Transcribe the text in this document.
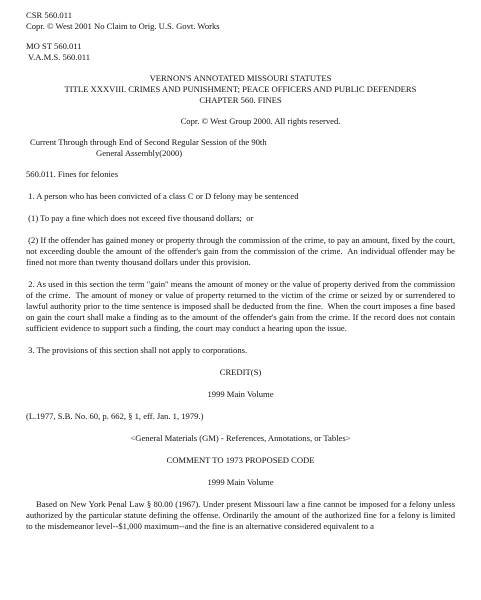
CSR 560.011

Copr. © West 2001 No Claim to Orig. U.S. Govt. Works

MO ST 560.011

V.A.M.S. 560.011

VERNON'S ANNOTATED MISSOURI STATUTES

TITLE XXXVIII. CRIMES AND PUNISHMENT; PEACE OFFICERS AND PUBLIC DEFENDERS

CHAPTER 560. FINES

Copr. © West Group 2000. All rights reserved.

Current Through through End of Second Regular Session of the 90th

General Assembly(2000)

560.011. Fines for felonies

1. A person who has been convicted of a class C or D felony may be sentenced

(1) To pay a fine which does not exceed five thousand dollars;  or

(2) If the offender has gained money or property through the commission of the crime, to pay an amount, fixed by the court, not exceeding double the amount of the offender's gain from the commission of the crime.  An individual offender may be fined not more than twenty thousand dollars under this provision.

2. As used in this section the term "gain" means the amount of money or the value of property derived from the commission of the crime.  The amount of money or value of property returned to the victim of the crime or seized by or surrendered to lawful authority prior to the time sentence is imposed shall be deducted from the fine.  When the court imposes a fine based on gain the court shall make a finding as to the amount of the offender's gain from the crime. If the record does not contain sufficient evidence to support such a finding, the court may conduct a hearing upon the issue.

3. The provisions of this section shall not apply to corporations.

CREDIT(S)

1999 Main Volume

(L.1977, S.B. No. 60, p. 662, § 1, eff. Jan. 1, 1979.)

<General Materials (GM) - References, Annotations, or Tables>

COMMENT TO 1973 PROPOSED CODE

1999 Main Volume

Based on New York Penal Law § 80.00 (1967). Under present Missouri law a fine cannot be imposed for a felony unless authorized by the particular statute defining the offense. Ordinarily the amount of the authorized fine for a felony is limited to the misdemeanor level--$1,000 maximum--and the fine is an alternative considered equivalent to a
